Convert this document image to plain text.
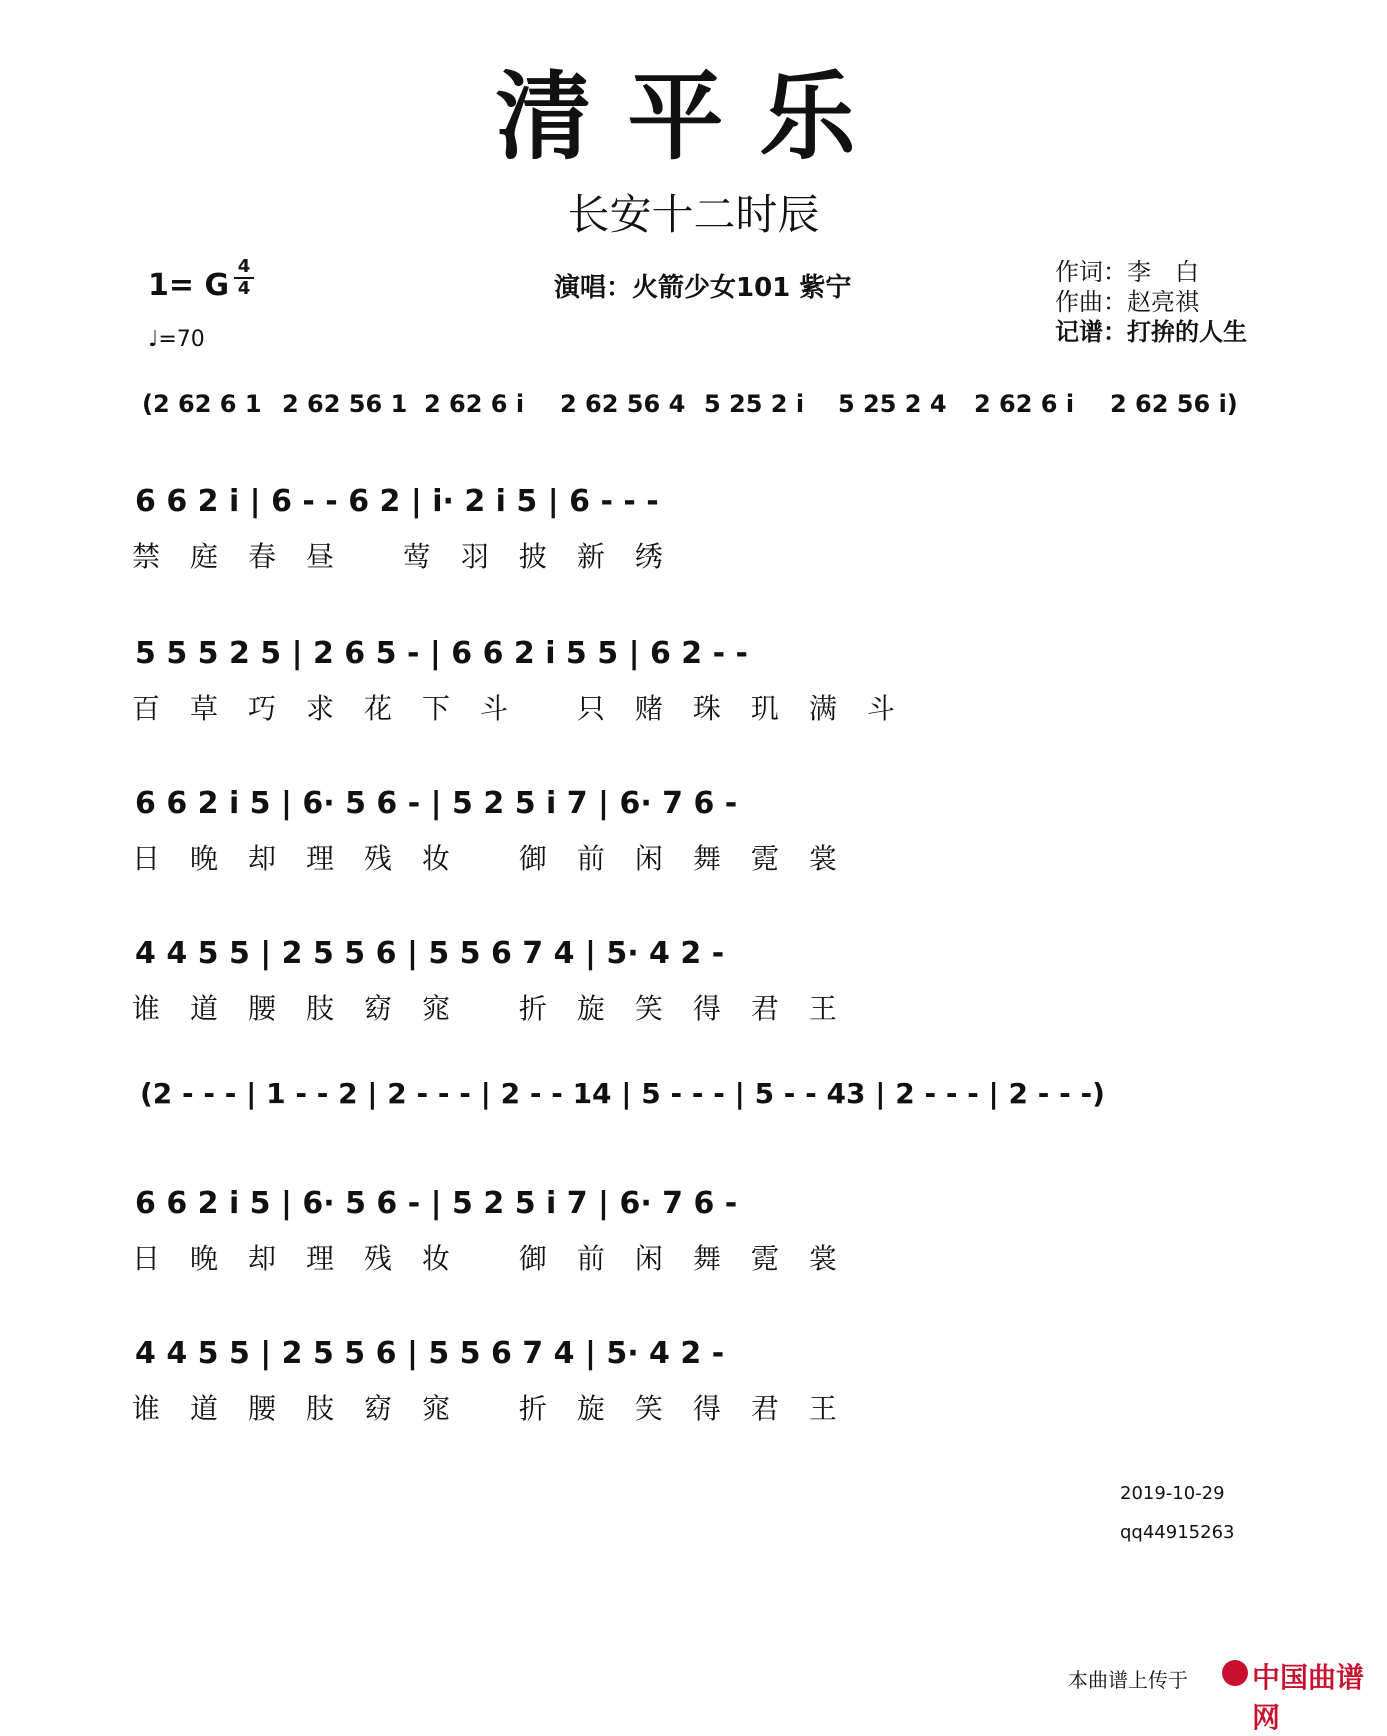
清平乐
长安十二时辰
1= G
4
4
♩=70
演唱：火箭少女101 紫宁
作词：李　白
作曲：赵亮祺
记谱：打拚的人生
(2 62 6 1 2 62 56 1 2 62 6 i 2 62 56 4 5 25 2 i 5 25 2 4 2 62 6 i 2 62 56 i)
6 6 2 i | 6 - - 6 2 | i· 2 i 5 | 6 - - -
禁庭春昼 莺羽披新绣
5 5 5 2 5 | 2 6 5 - | 6 6 2 i 5 5 | 6 2 - -
百草巧求花下斗 只赌珠玑满斗
6 6 2 i 5 | 6· 5 6 - | 5 2 5 i 7 | 6· 7 6 -
日晚却理残妆 御前闲舞霓裳
4 4 5 5 | 2 5 5 6 | 5 5 6 7 4 | 5· 4 2 -
谁道腰肢窈窕 折旋笑得君王
(2 - - - | 1 - - 2 | 2 - - - | 2 - - 14 | 5 - - - | 5 - - 43 | 2 - - - | 2 - - -)
6 6 2 i 5 | 6· 5 6 - | 5 2 5 i 7 | 6· 7 6 -
日晚却理残妆 御前闲舞霓裳
4 4 5 5 | 2 5 5 6 | 5 5 6 7 4 | 5· 4 2 -
谁道腰肢窈窕 折旋笑得君王
2019-10-29
qq44915263
本曲谱上传于 中国曲谱网
